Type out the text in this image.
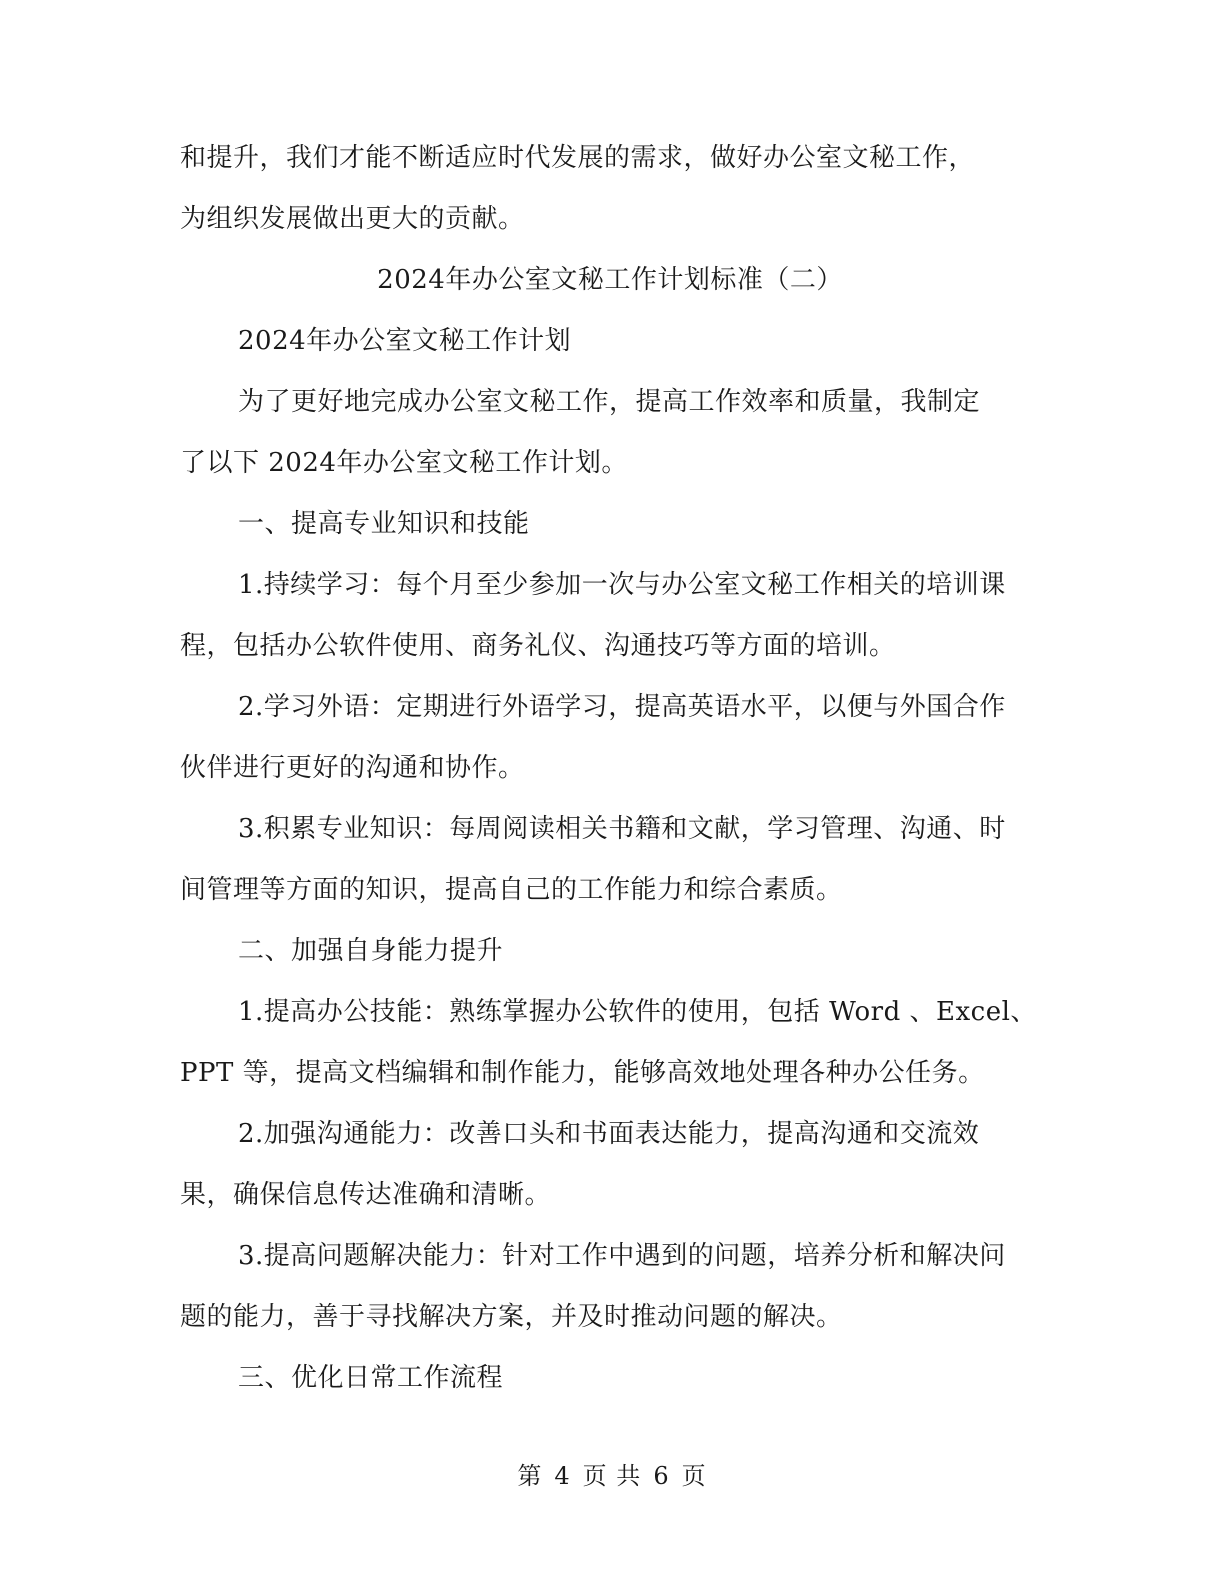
和提升，我们才能不断适应时代发展的需求，做好办公室文秘工作，
为组织发展做出更大的贡献。
2024年办公室文秘工作计划标准（二）
2024年办公室文秘工作计划
为了更好地完成办公室文秘工作，提高工作效率和质量，我制定
了以下 2024年办公室文秘工作计划。
一、提高专业知识和技能
1.持续学习：每个月至少参加一次与办公室文秘工作相关的培训课
程，包括办公软件使用、商务礼仪、沟通技巧等方面的培训。
2.学习外语：定期进行外语学习，提高英语水平，以便与外国合作
伙伴进行更好的沟通和协作。
3.积累专业知识：每周阅读相关书籍和文献，学习管理、沟通、时
间管理等方面的知识，提高自己的工作能力和综合素质。
二、加强自身能力提升
1.提高办公技能：熟练掌握办公软件的使用，包括 Word 、Excel、
PPT 等，提高文档编辑和制作能力，能够高效地处理各种办公任务。
2.加强沟通能力：改善口头和书面表达能力，提高沟通和交流效
果，确保信息传达准确和清晰。
3.提高问题解决能力：针对工作中遇到的问题，培养分析和解决问
题的能力，善于寻找解决方案，并及时推动问题的解决。
三、优化日常工作流程
第 4 页 共 6 页
